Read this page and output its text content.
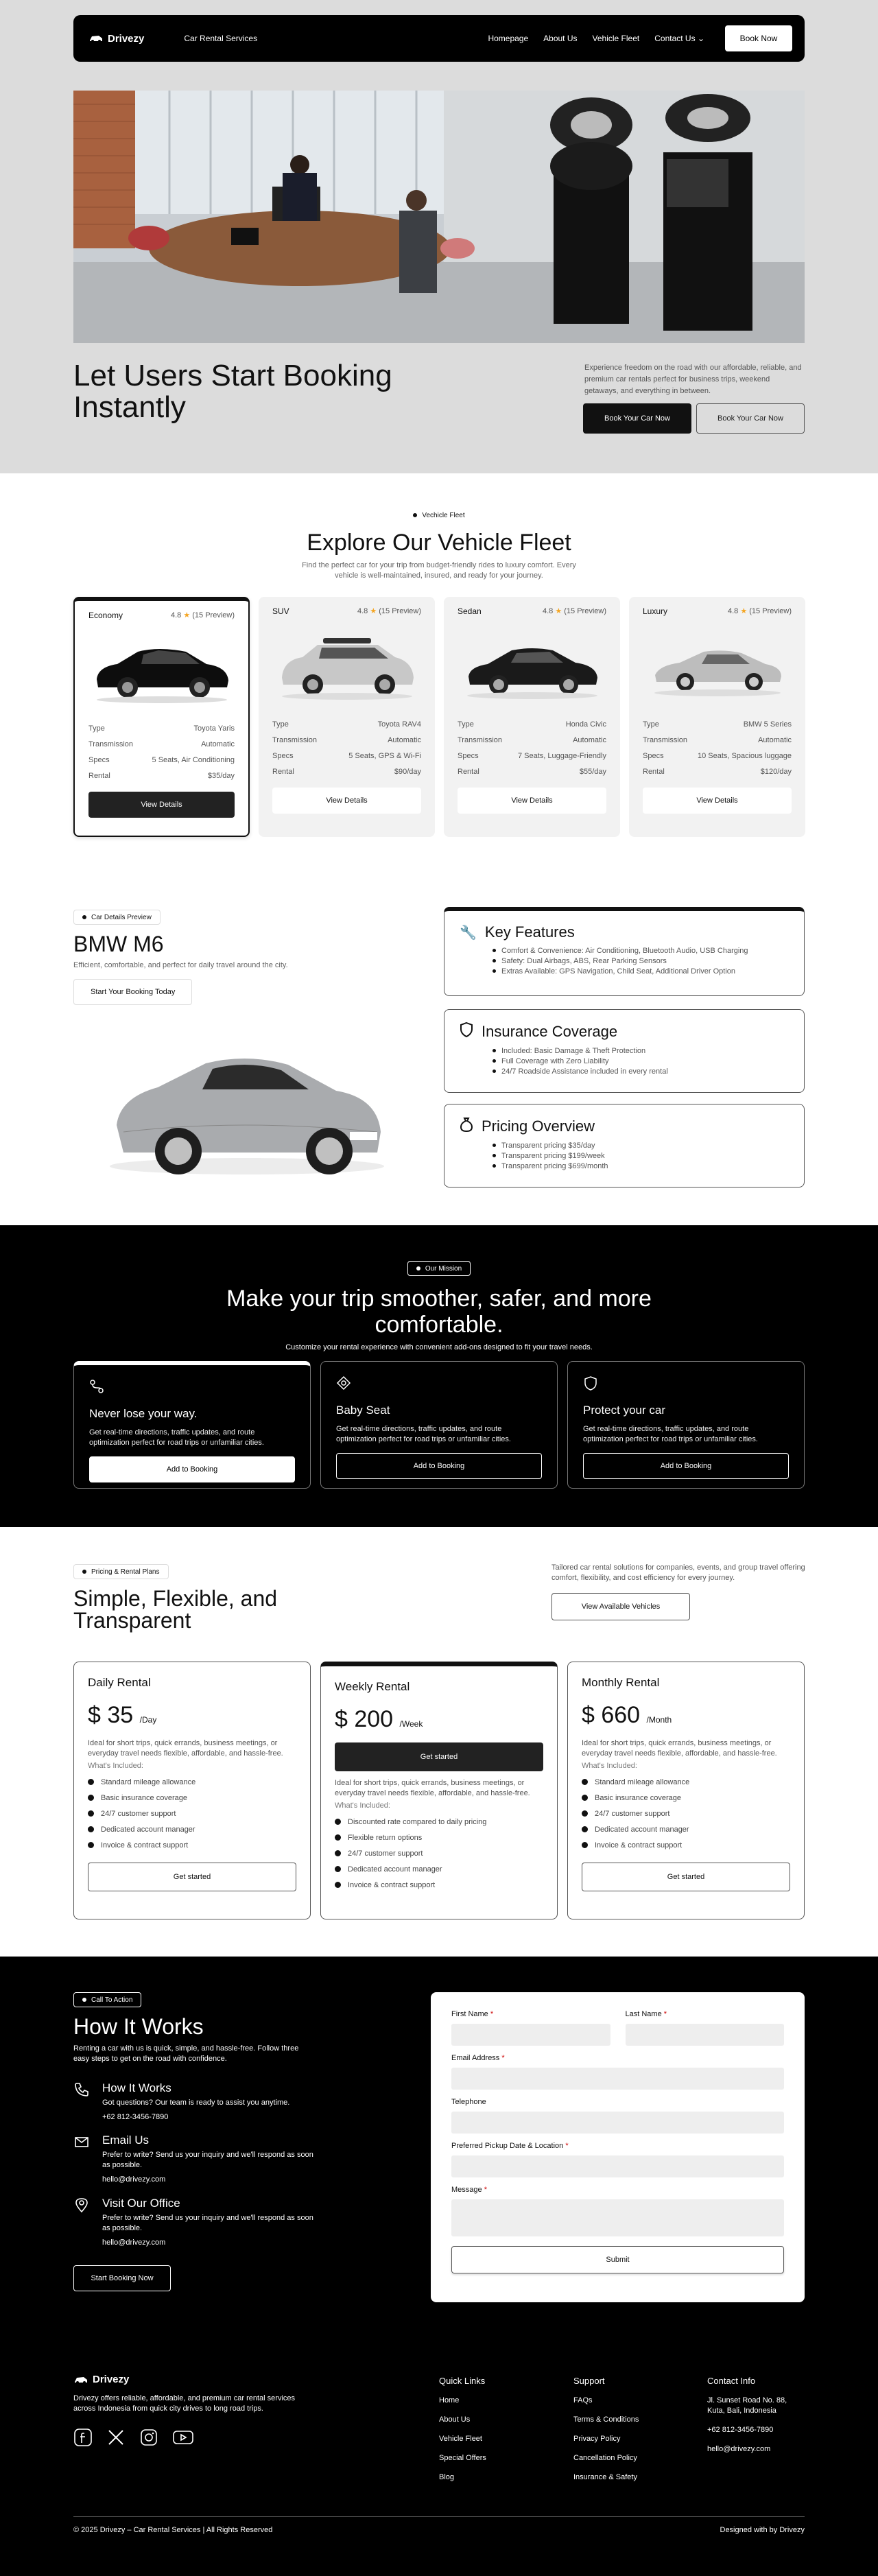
Drivezy	Car Rental Services	Homepage About Us Vehicle Fleet Contact Us ⌄	Book Now
Let Users Start Booking Instantly

Experience freedom on the road with our affordable, reliable, and premium car rentals perfect for business trips, weekend getaways, and everything in between.

Book Your Car Now	Book Your Car Now
Vechicle Fleet
Explore Our Vehicle Fleet

Find the perfect car for your trip from budget-friendly rides to luxury comfort. Every vehicle is well-maintained, insured, and ready for your journey.

Economy	4.8 ★ (15 Preview)
Type	Toyota Yaris
Transmission	Automatic
Specs	5 Seats, Air Conditioning
Rental	$35/day
View Details
SUV	4.8 ★ (15 Preview)
Type	Toyota RAV4
Transmission	Automatic
Specs	5 Seats, GPS & Wi-Fi
Rental	$90/day
View Details
Sedan	4.8 ★ (15 Preview)
Type	Honda Civic
Transmission	Automatic
Specs	7 Seats, Luggage-Friendly
Rental	$55/day
View Details
Luxury	4.8 ★ (15 Preview)
Type	BMW 5 Series
Transmission	Automatic
Specs	10 Seats, Spacious luggage
Rental	$120/day
View Details
Car Details Preview
BMW M6

Efficient, comfortable, and perfect for daily travel around the city.

Start Your Booking Today
🔧 Key Features
Comfort & Convenience: Air Conditioning, Bluetooth Audio, USB Charging
Safety: Dual Airbags, ABS, Rear Parking Sensors
Extras Available: GPS Navigation, Child Seat, Additional Driver Option
Insurance Coverage
Included: Basic Damage & Theft Protection
Full Coverage with Zero Liability
24/7 Roadside Assistance included in every rental
Pricing Overview
Transparent pricing $35/day
Transparent pricing $199/week
Transparent pricing $699/month
Our Mission
Make your trip smoother, safer, and more comfortable.

Customize your rental experience with convenient add-ons designed to fit your travel needs.

Never lose your way.
Get real-time directions, traffic updates, and route optimization perfect for road trips or unfamiliar cities.
Add to Booking
Baby Seat
Get real-time directions, traffic updates, and route optimization perfect for road trips or unfamiliar cities.
Add to Booking
Protect your car
Get real-time directions, traffic updates, and route optimization perfect for road trips or unfamiliar cities.
Add to Booking
Pricing & Rental Plans
Simple, Flexible, and Transparent

Tailored car rental solutions for companies, events, and group travel offering comfort, flexibility, and cost efficiency for every journey.

View Available Vehicles
Daily Rental
$ 35 /Day
Ideal for short trips, quick errands, business meetings, or everyday travel needs flexible, affordable, and hassle-free.
What's Included:
Standard mileage allowance
Basic insurance coverage
24/7 customer support
Dedicated account manager
Invoice & contract support
Get started
Weekly Rental
$ 200 /Week
Get started
Ideal for short trips, quick errands, business meetings, or everyday travel needs flexible, affordable, and hassle-free.
What's Included:
Discounted rate compared to daily pricing
Flexible return options
24/7 customer support
Dedicated account manager
Invoice & contract support
Monthly Rental
$ 660 /Month
Ideal for short trips, quick errands, business meetings, or everyday travel needs flexible, affordable, and hassle-free.
What's Included:
Standard mileage allowance
Basic insurance coverage
24/7 customer support
Dedicated account manager
Invoice & contract support
Get started
Call To Action
How It Works

Renting a car with us is quick, simple, and hassle-free. Follow three easy steps to get on the road with confidence.

How It Works

Got questions? Our team is ready to assist you anytime.

+62 812-3456-7890

Email Us

Prefer to write? Send us your inquiry and we'll respond as soon as possible.

hello@drivezy.com

Visit Our Office

Prefer to write? Send us your inquiry and we'll respond as soon as possible.

hello@drivezy.com

Start Booking Now
First Name *	Last Name *
Email Address *
Telephone
Preferred Pickup Date & Location *
Message *
Submit
Drivezy

Drivezy offers reliable, affordable, and premium car rental services across Indonesia from quick city drives to long road trips.

Quick Links
Home
About Us
Vehicle Fleet
Special Offers
Blog
Support
FAQs
Terms & Conditions
Privacy Policy
Cancellation Policy
Insurance & Safety
Contact Info
Jl. Sunset Road No. 88, Kuta, Bali, Indonesia
+62 812-3456-7890
hello@drivezy.com
© 2025 Drivezy – Car Rental Services | All Rights Reserved	Designed with by Drivezy
